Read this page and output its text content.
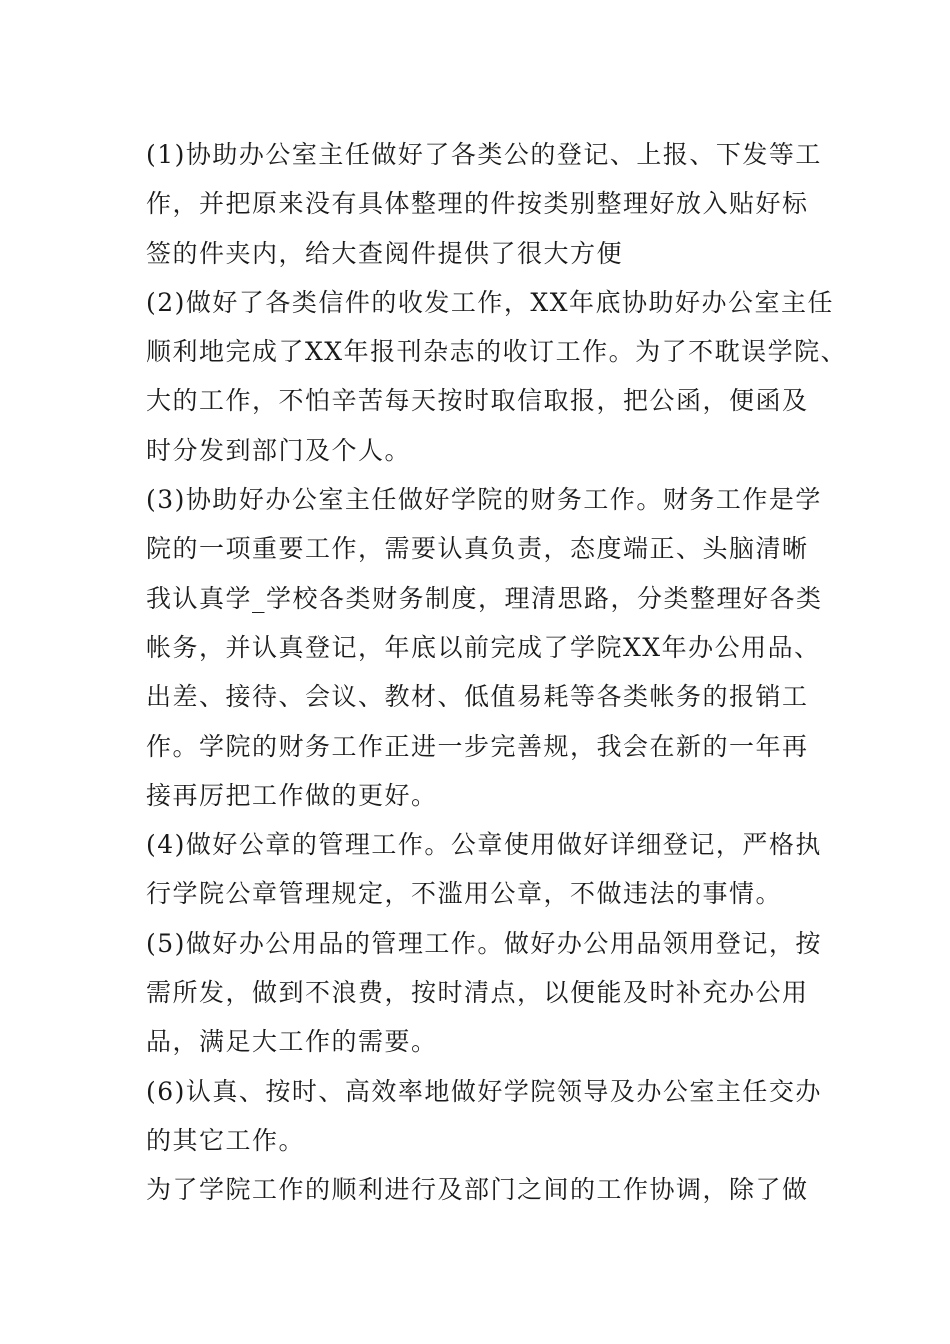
(1)协助办公室主任做好了各类公的登记、上报、下发等工
作，并把原来没有具体整理的件按类别整理好放入贴好标
签的件夹内，给大查阅件提供了很大方便
(2)做好了各类信件的收发工作，XX年底协助好办公室主任
顺利地完成了XX年报刊杂志的收订工作。为了不耽误学院、
大的工作，不怕辛苦每天按时取信取报，把公函，便函及
时分发到部门及个人。
(3)协助好办公室主任做好学院的财务工作。财务工作是学
院的一项重要工作，需要认真负责，态度端正、头脑清晰
我认真学_学校各类财务制度，理清思路，分类整理好各类
帐务，并认真登记，年底以前完成了学院XX年办公用品、
出差、接待、会议、教材、低值易耗等各类帐务的报销工
作。学院的财务工作正进一步完善规，我会在新的一年再
接再厉把工作做的更好。
(4)做好公章的管理工作。公章使用做好详细登记，严格执
行学院公章管理规定，不滥用公章，不做违法的事情。
(5)做好办公用品的管理工作。做好办公用品领用登记，按
需所发，做到不浪费，按时清点，以便能及时补充办公用
品，满足大工作的需要。
(6)认真、按时、高效率地做好学院领导及办公室主任交办
的其它工作。
为了学院工作的顺利进行及部门之间的工作协调，除了做
